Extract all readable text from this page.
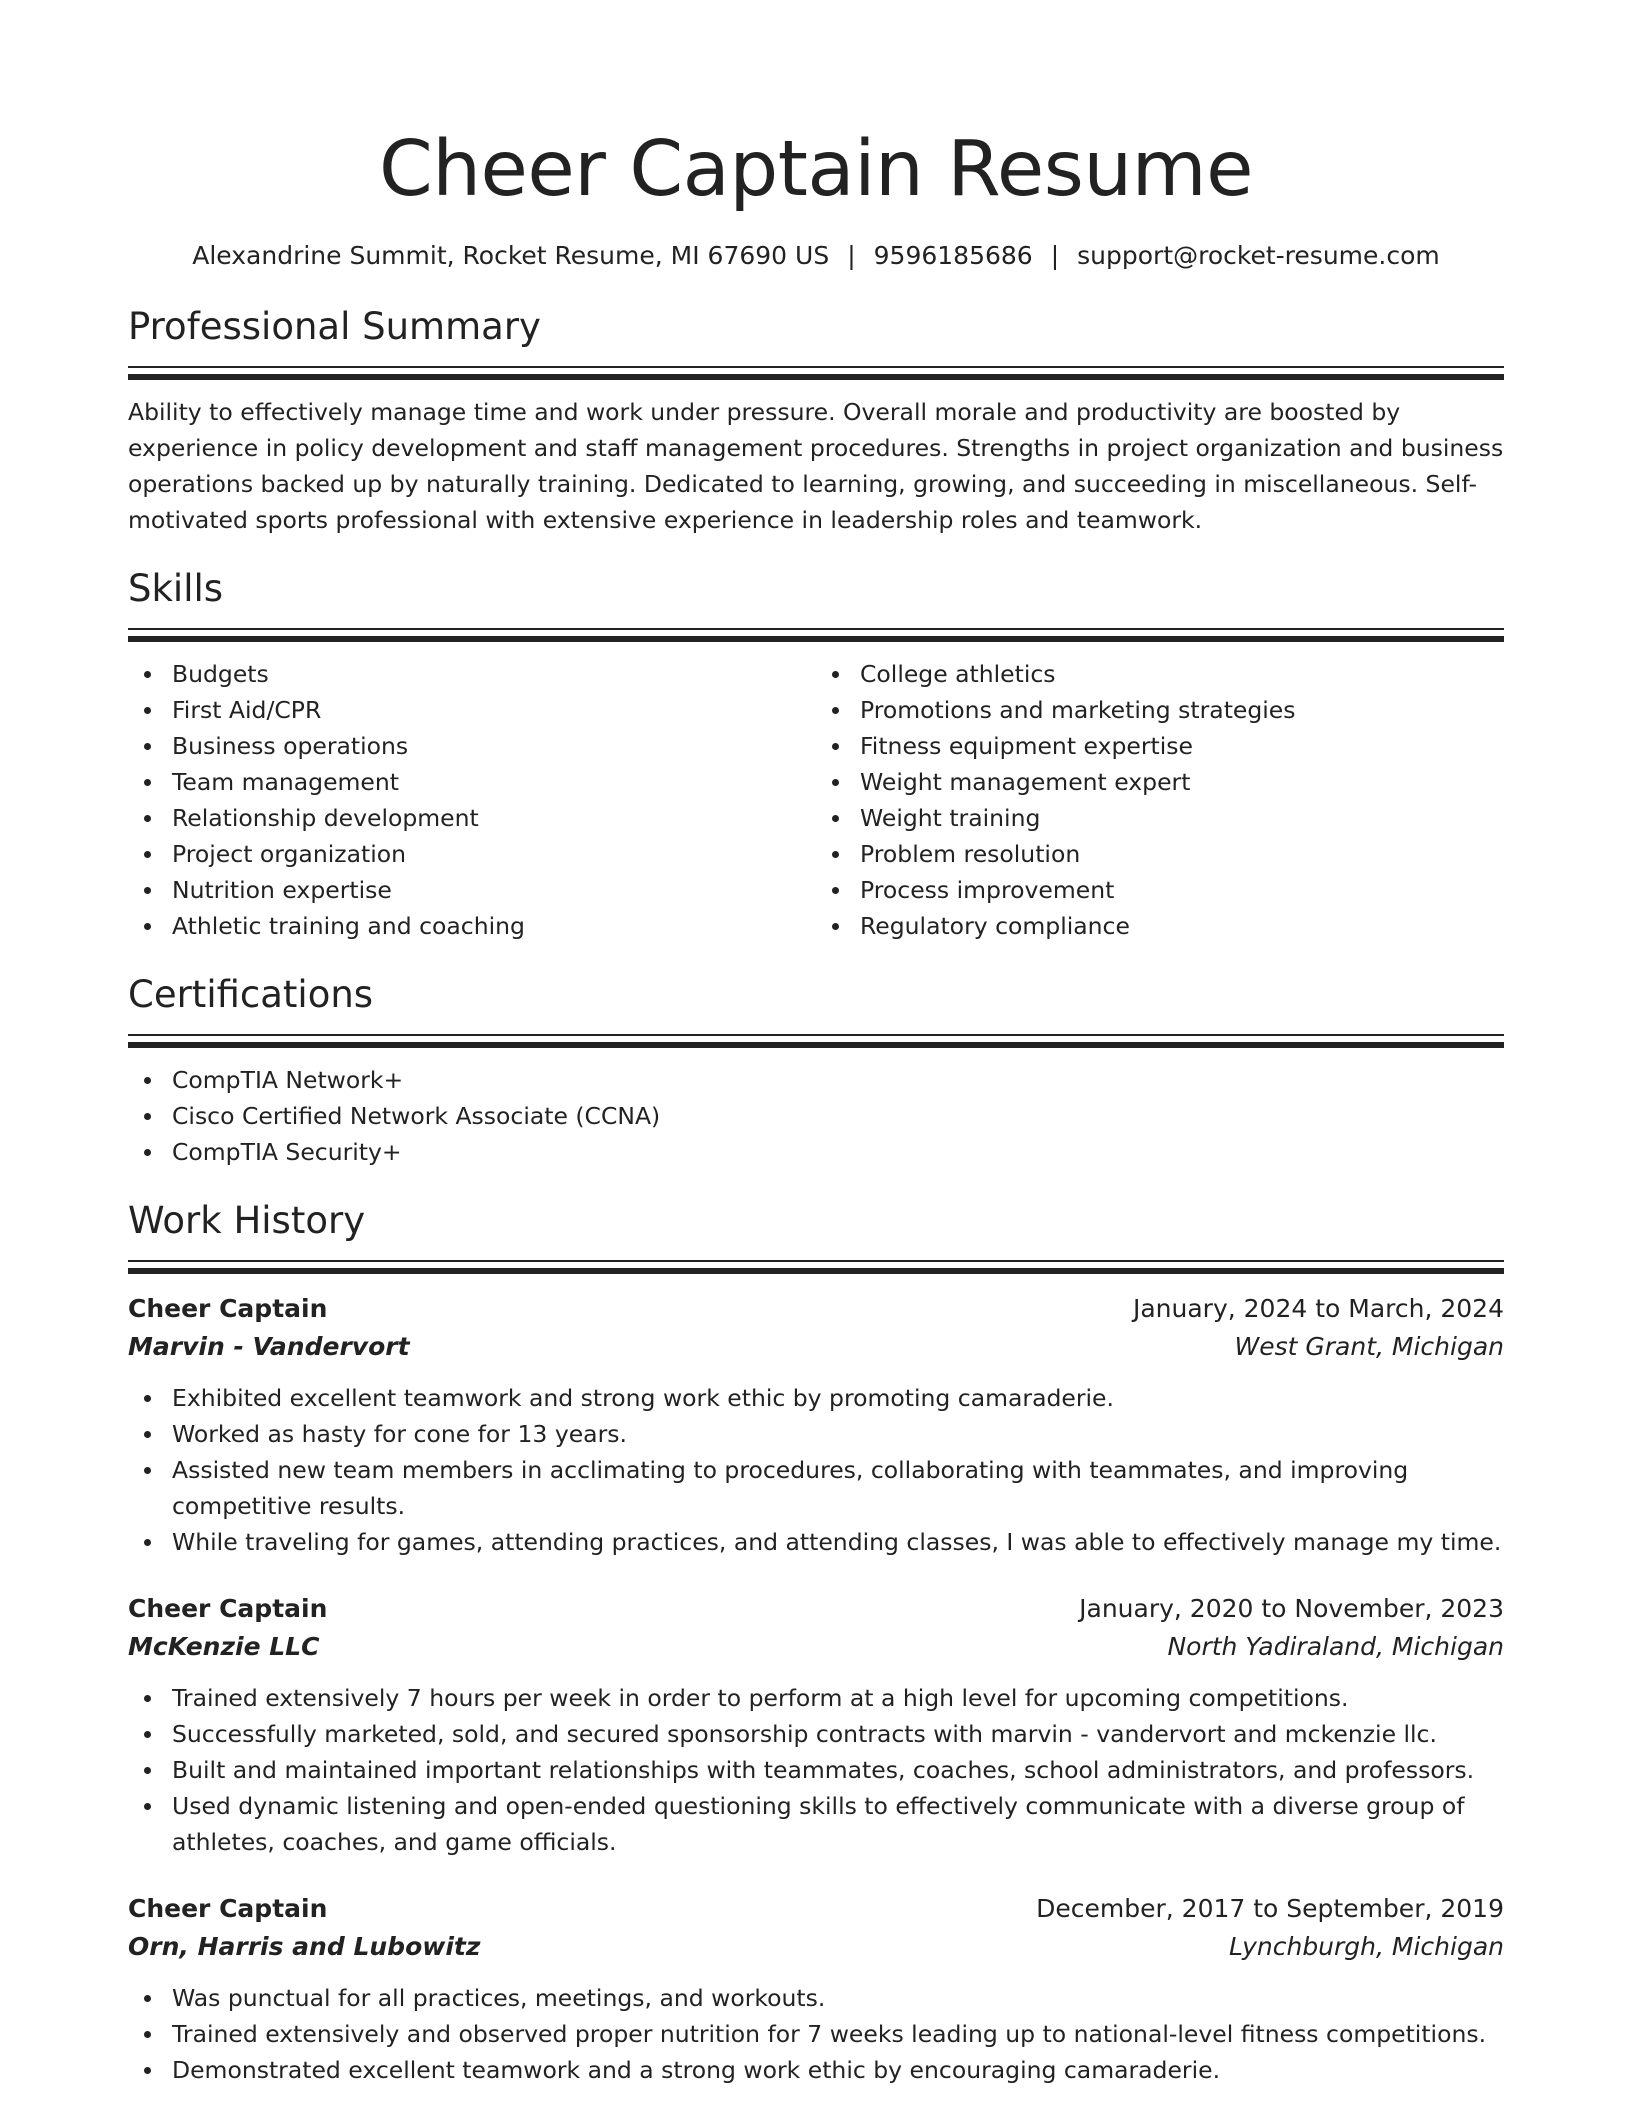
Cheer Captain Resume
Alexandrine Summit, Rocket Resume, MI 67690 US | 9596185686 | support@rocket-resume.com
Professional Summary
Ability to effectively manage time and work under pressure. Overall morale and productivity are boosted by experience in policy development and staff management procedures. Strengths in project organization and business operations backed up by naturally training. Dedicated to learning, growing, and succeeding in miscellaneous. Self-motivated sports professional with extensive experience in leadership roles and teamwork.
Skills
Budgets
First Aid/CPR
Business operations
Team management
Relationship development
Project organization
Nutrition expertise
Athletic training and coaching
College athletics
Promotions and marketing strategies
Fitness equipment expertise
Weight management expert
Weight training
Problem resolution
Process improvement
Regulatory compliance
Certifications
CompTIA Network+
Cisco Certified Network Associate (CCNA)
CompTIA Security+
Work History
Cheer Captain	January, 2024 to March, 2024
Marvin - Vandervort	West Grant, Michigan
Exhibited excellent teamwork and strong work ethic by promoting camaraderie.
Worked as hasty for cone for 13 years.
Assisted new team members in acclimating to procedures, collaborating with teammates, and improving competitive results.
While traveling for games, attending practices, and attending classes, I was able to effectively manage my time.
Cheer Captain	January, 2020 to November, 2023
McKenzie LLC	North Yadiraland, Michigan
Trained extensively 7 hours per week in order to perform at a high level for upcoming competitions.
Successfully marketed, sold, and secured sponsorship contracts with marvin - vandervort and mckenzie llc.
Built and maintained important relationships with teammates, coaches, school administrators, and professors.
Used dynamic listening and open-ended questioning skills to effectively communicate with a diverse group of athletes, coaches, and game officials.
Cheer Captain	December, 2017 to September, 2019
Orn, Harris and Lubowitz	Lynchburgh, Michigan
Was punctual for all practices, meetings, and workouts.
Trained extensively and observed proper nutrition for 7 weeks leading up to national-level fitness competitions.
Demonstrated excellent teamwork and a strong work ethic by encouraging camaraderie.
